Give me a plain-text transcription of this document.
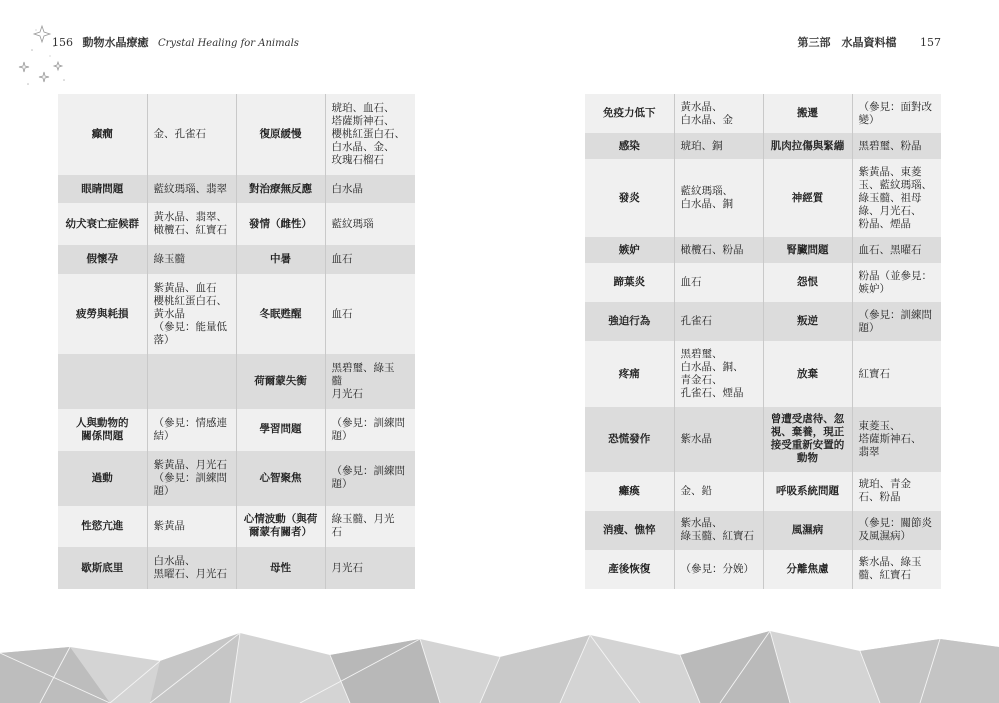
156 動物水晶療癒 Crystal Healing for Animals	第三部　水晶資料檔 157
癲癇	金、孔雀石	復原緩慢	琥珀、血石、
塔薩斯神石、
櫻桃紅蛋白石、
白水晶、金、
玫瑰石榴石
眼睛問題	藍紋瑪瑙、翡翠	對治療無反應	白水晶
幼犬衰亡症候群	黃水晶、翡翠、
橄欖石、紅寶石	發情（雌性）	藍紋瑪瑙
假懷孕	綠玉髓	中暑	血石
疲勞與耗損	紫黃晶、血石
櫻桃紅蛋白石、
黃水晶
（參見：能量低
落）	冬眠甦醒	血石
		荷爾蒙失衡	黑碧璽、綠玉
髓
月光石
人與動物的
關係問題	（參見：情感連
結）	學習問題	（參見：訓練問
題）
過動	紫黃晶、月光石
（參見：訓練問
題）	心智聚焦	（參見：訓練問
題）
性慾亢進	紫黃晶	心情波動（與荷
爾蒙有關者）	綠玉髓、月光
石
歇斯底里	白水晶、
黑曜石、月光石	母性	月光石
免疫力低下	黃水晶、
白水晶、金	搬遷	（參見：面對改
變）
感染	琥珀、銅	肌肉拉傷與緊繃	黑碧璽、粉晶
發炎	藍紋瑪瑙、
白水晶、銅	神經質	紫黃晶、東菱
玉、藍紋瑪瑙、
綠玉髓、祖母
綠、月光石、
粉晶、煙晶
嫉妒	橄欖石、粉晶	腎臟問題	血石、黑曜石
蹄葉炎	血石	怨恨	粉晶（並參見：
嫉妒）
強迫行為	孔雀石	叛逆	（參見：訓練問
題）
疼痛	黑碧璽、
白水晶、銅、
青金石、
孔雀石、煙晶	放棄	紅寶石
恐慌發作	紫水晶	曾遭受虐待、忽
視、棄養，現正
接受重新安置的
動物	東菱玉、
塔薩斯神石、
翡翠
癱瘓	金、鉛	呼吸系統問題	琥珀、青金
石、粉晶
消瘦、憔悴	紫水晶、
綠玉髓、紅寶石	風濕病	（參見：關節炎
及風濕病）
產後恢復	（參見：分娩）	分離焦慮	紫水晶、綠玉
髓、紅寶石
